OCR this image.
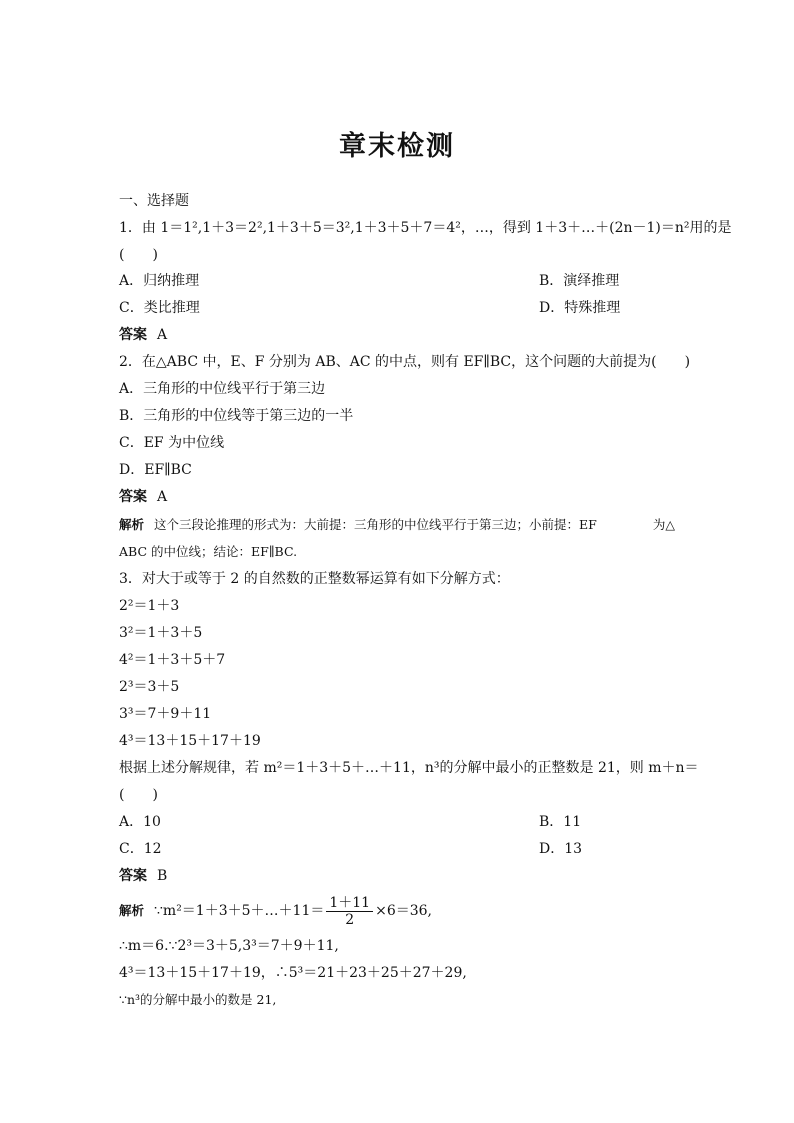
章末检测
一、选择题
1．由 1＝1²,1＋3＝2²,1＋3＋5＝3²,1＋3＋5＋7＝4²，…，得到 1＋3＋…＋(2n－1)＝n²用的是
(　　)
A．归纳推理	B．演绎推理
C．类比推理	D．特殊推理
答案 A
2．在△ABC 中，E、F 分别为 AB、AC 的中点，则有 EF∥BC，这个问题的大前提为 (　　)
A．三角形的中位线平行于第三边
B．三角形的中位线等于第三边的一半
C．EF 为中位线
D．EF∥BC
答案 A
解析 这个三段论推理的形式为：大前提：三角形的中位线平行于第三边；小前提：EF	为△
ABC 的中位线；结论：EF∥BC.
3．对大于或等于 2 的自然数的正整数幂运算有如下分解方式：
2²＝1＋3
3²＝1＋3＋5
4²＝1＋3＋5＋7
2³＝3＋5
3³＝7＋9＋11
4³＝13＋15＋17＋19
根据上述分解规律，若 m²＝1＋3＋5＋…＋11，n³的分解中最小的正整数是 21，则 m＋n＝
(　　)
A．10	B．11
C．12	D．13
答案 B
解析 ∵m²＝1＋3＋5＋…＋11＝ $\frac{1+11}{2} \times 6=36$,
∴m＝6.∵2³＝3＋5,3³＝7＋9＋11,
4³＝13＋15＋17＋19，∴5³＝21＋23＋25＋27＋29,
∵n³的分解中最小的数是 21,
